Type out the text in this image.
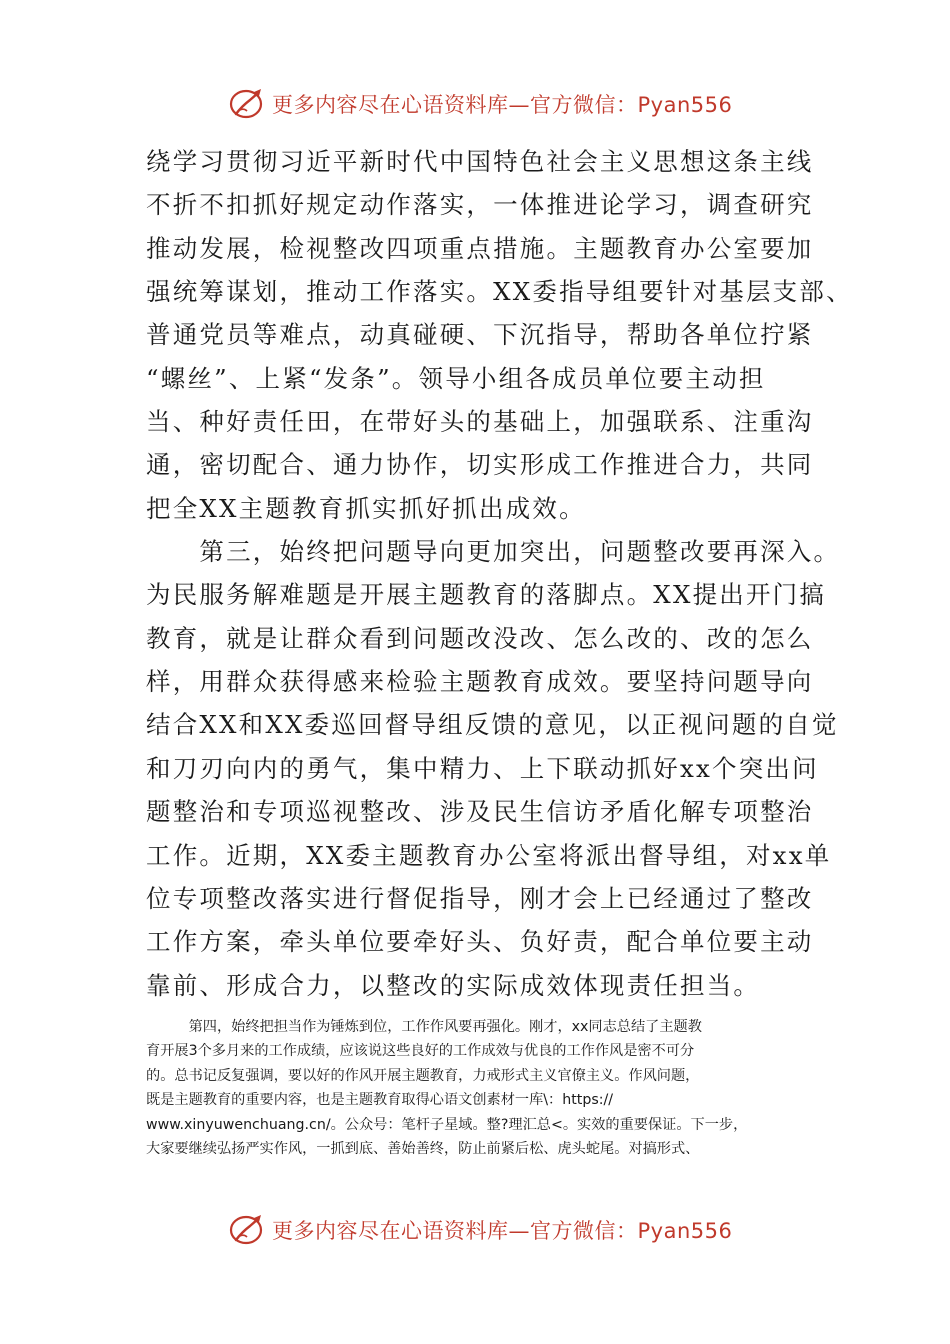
更多内容尽在心语资料库—官方微信：Pyan556
绕学习贯彻习近平新时代中国特色社会主义思想这条主线
不折不扣抓好规定动作落实，一体推进论学习，调查研究
推动发展，检视整改四项重点措施。主题教育办公室要加
强统筹谋划，推动工作落实。XX委指导组要针对基层支部、
普通党员等难点，动真碰硬、下沉指导，帮助各单位拧紧
“螺丝”、上紧“发条”。领导小组各成员单位要主动担
当、种好责任田，在带好头的基础上，加强联系、注重沟
通，密切配合、通力协作，切实形成工作推进合力，共同
把全XX主题教育抓实抓好抓出成效。
　　第三，始终把问题导向更加突出，问题整改要再深入。
为民服务解难题是开展主题教育的落脚点。XX提出开门搞
教育，就是让群众看到问题改没改、怎么改的、改的怎么
样，用群众获得感来检验主题教育成效。要坚持问题导向
结合XX和XX委巡回督导组反馈的意见，以正视问题的自觉
和刀刃向内的勇气，集中精力、上下联动抓好xx个突出问
题整治和专项巡视整改、涉及民生信访矛盾化解专项整治
工作。近期，XX委主题教育办公室将派出督导组，对xx单
位专项整改落实进行督促指导，刚才会上已经通过了整改
工作方案，牵头单位要牵好头、负好责，配合单位要主动
靠前、形成合力，以整改的实际成效体现责任担当。
　　　第四，始终把担当作为锤炼到位，工作作风要再强化。刚才，xx同志总结了主题教
育开展3个多月来的工作成绩，应该说这些良好的工作成效与优良的工作作风是密不可分
的。总书记反复强调，要以好的作风开展主题教育，力戒形式主义官僚主义。作风问题，
既是主题教育的重要内容，也是主题教育取得心语文创素材一库\：https://
www.xinyuwenchuang.cn/。公众号：笔杆子星域。整?理汇总<。实效的重要保证。下一步，
大家要继续弘扬严实作风，一抓到底、善始善终，防止前紧后松、虎头蛇尾。对搞形式、
更多内容尽在心语资料库—官方微信：Pyan556
